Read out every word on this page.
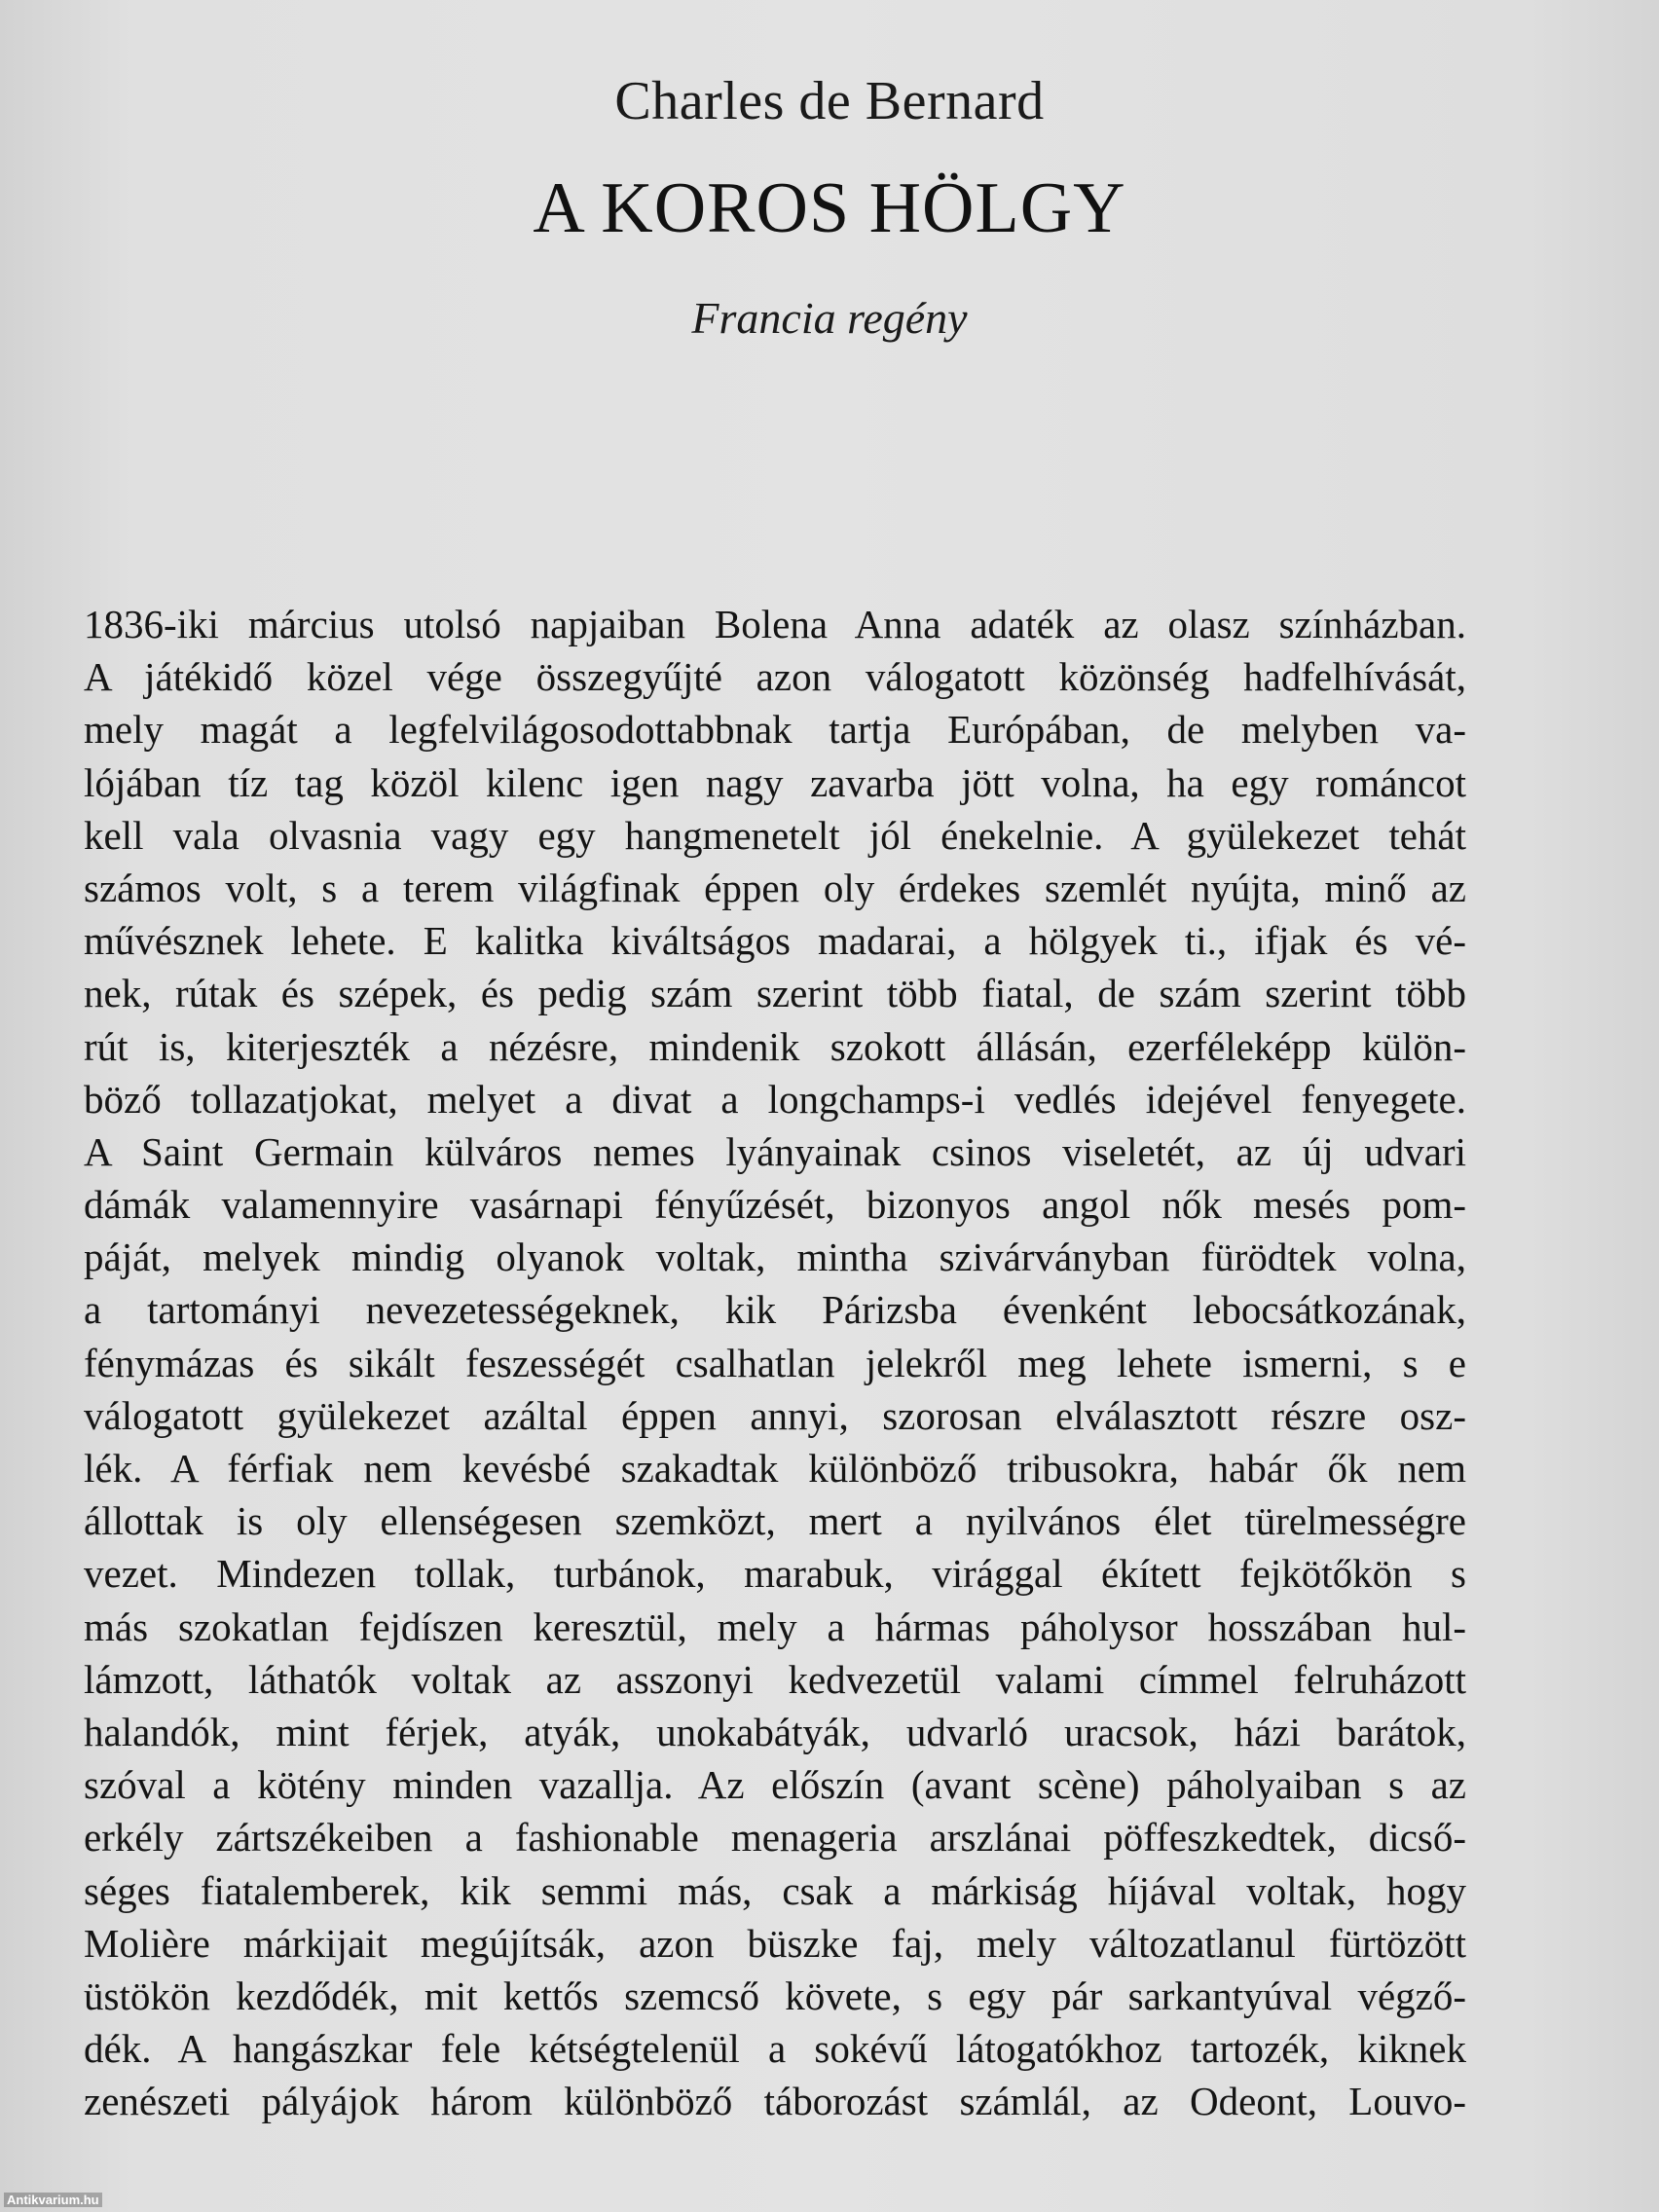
Charles de Bernard
A KOROS HÖLGY
Francia regény
1836-iki március utolsó napjaiban Bolena Anna adaték az olasz színházban.
A játékidő közel vége összegyűjté azon válogatott közönség hadfelhívását,
mely magát a legfelvilágosodottabbnak tartja Európában, de melyben va-
lójában tíz tag közöl kilenc igen nagy zavarba jött volna, ha egy románcot
kell vala olvasnia vagy egy hangmenetelt jól énekelnie. A gyülekezet tehát
számos volt, s a terem világfinak éppen oly érdekes szemlét nyújta, minő az
művésznek lehete. E kalitka kiváltságos madarai, a hölgyek ti., ifjak és vé-
nek, rútak és szépek, és pedig szám szerint több fiatal, de szám szerint több
rút is, kiterjeszték a nézésre, mindenik szokott állásán, ezerféleképp külön-
böző tollazatjokat, melyet a divat a longchamps-i vedlés idejével fenyegete.
A Saint Germain külváros nemes lyányainak csinos viseletét, az új udvari
dámák valamennyire vasárnapi fényűzését, bizonyos angol nők mesés pom-
páját, melyek mindig olyanok voltak, mintha szivárványban fürödtek volna,
a tartományi nevezetességeknek, kik Párizsba évenként lebocsátkozának,
fénymázas és sikált feszességét csalhatlan jelekről meg lehete ismerni, s e
válogatott gyülekezet azáltal éppen annyi, szorosan elválasztott részre osz-
lék. A férfiak nem kevésbé szakadtak különböző tribusokra, habár ők nem
állottak is oly ellenségesen szemközt, mert a nyilvános élet türelmességre
vezet. Mindezen tollak, turbánok, marabuk, virággal ékített fejkötőkön s
más szokatlan fejdíszen keresztül, mely a hármas páholysor hosszában hul-
lámzott, láthatók voltak az asszonyi kedvezetül valami címmel felruházott
halandók, mint férjek, atyák, unokabátyák, udvarló uracsok, házi barátok,
szóval a kötény minden vazallja. Az előszín (avant scène) páholyaiban s az
erkély zártszékeiben a fashionable menageria arszlánai pöffeszkedtek, dicső-
séges fiatalemberek, kik semmi más, csak a márkiság híjával voltak, hogy
Molière márkijait megújítsák, azon büszke faj, mely változatlanul fürtözött
üstökön kezdődék, mit kettős szemcső követe, s egy pár sarkantyúval végző-
dék. A hangászkar fele kétségtelenül a sokévű látogatókhoz tartozék, kiknek
zenészeti pályájok három különböző táborozást számlál, az Odeont, Louvo-
Antikvarium.hu
